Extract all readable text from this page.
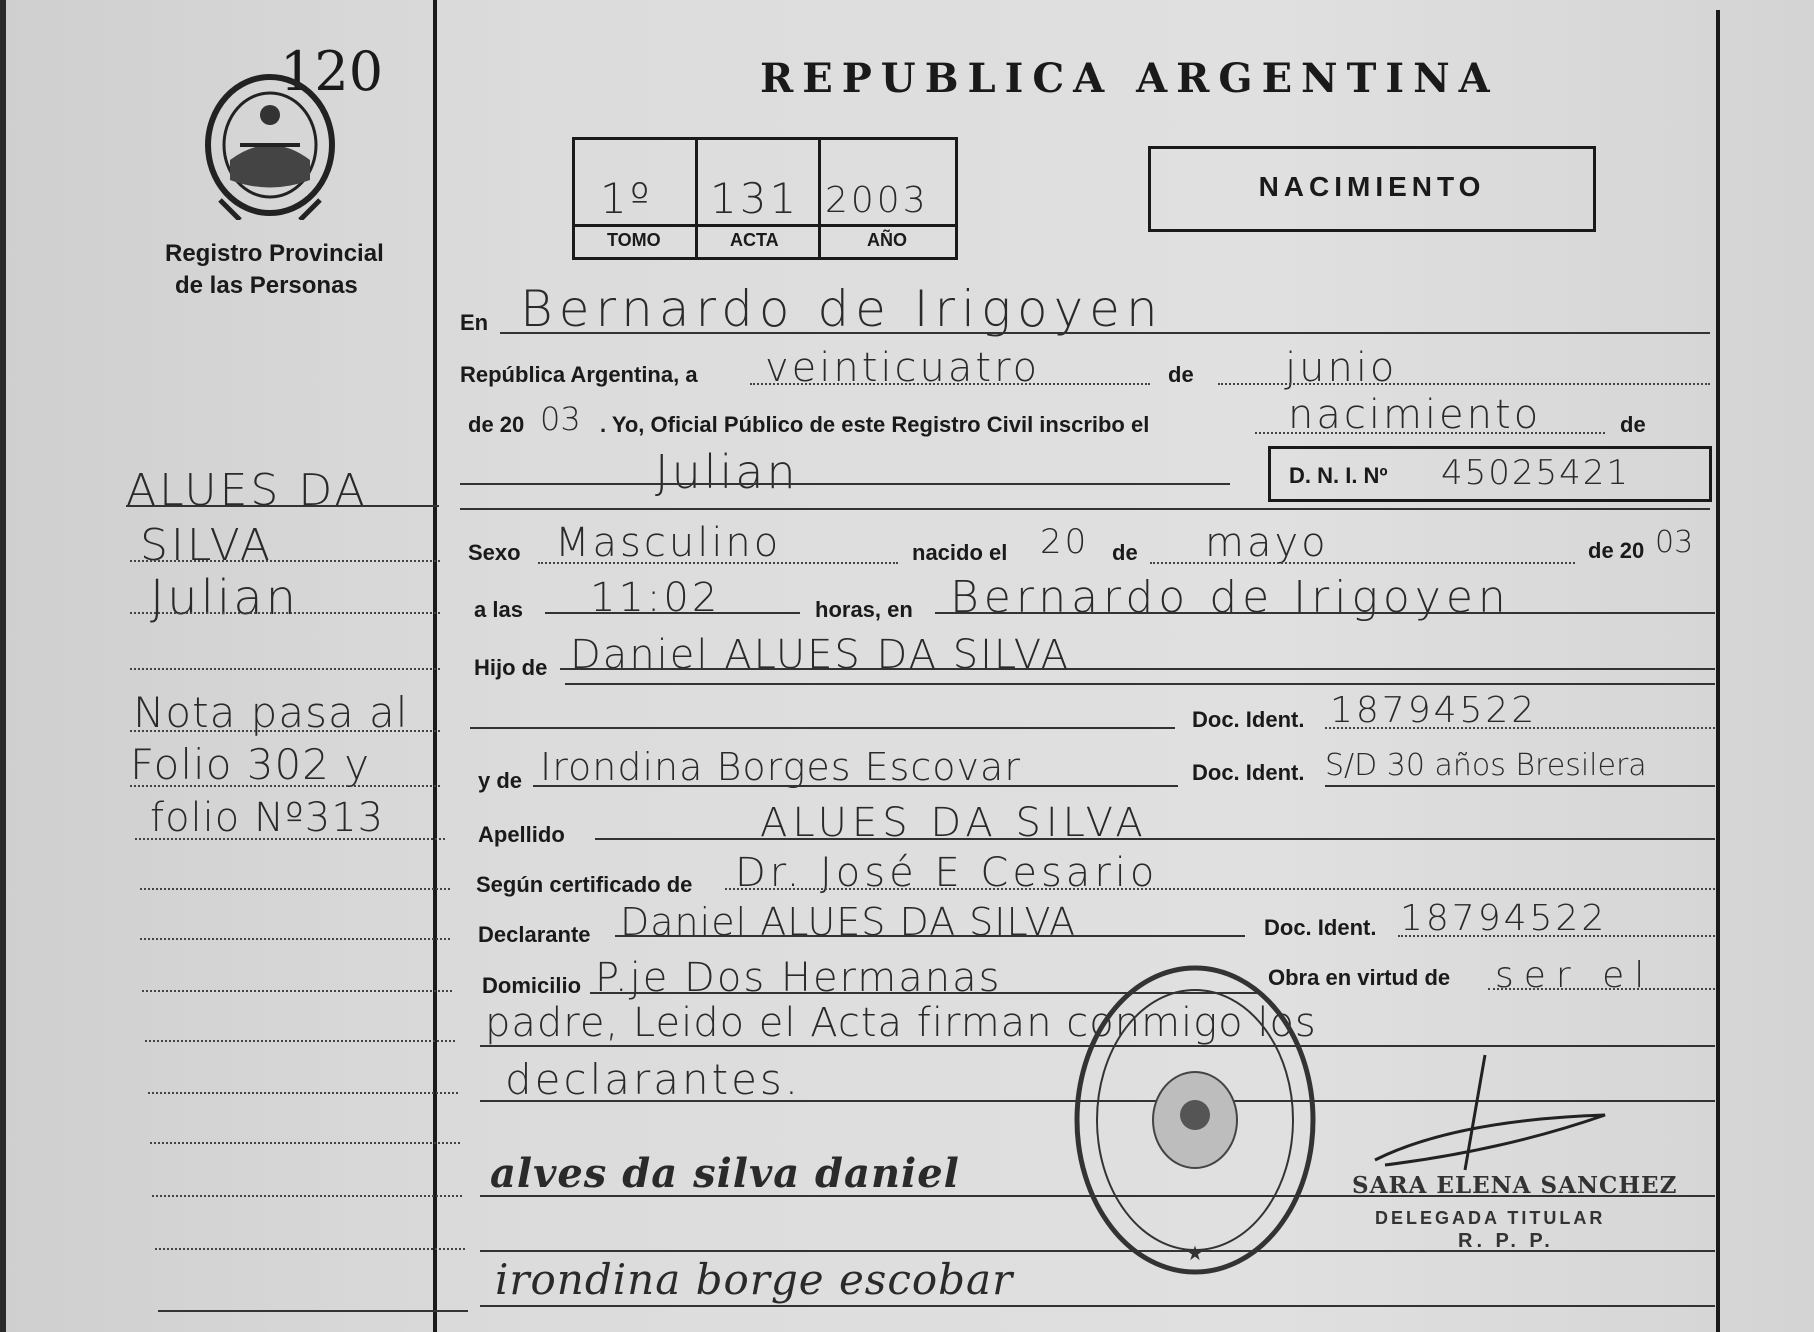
120
Registro Provincial
de las Personas
REPUBLICA ARGENTINA
NACIMIENTO
1º 131 2003
TOMO	ACTA	AÑO
ALUES DA
SILVA
Julian
Nota pasa al
Folio 302 y
folio Nº313
En Bernardo de Irigoyen
República Argentina, a veinticuatro	de junio
de 20 03 . Yo, Oficial Público de este Registro Civil inscribo el	nacimiento	de
Julian	D. N. I. Nº 45025421
Sexo Masculino	nacido el 20 de mayo	de 20 03
a las 11:02	horas, en Bernardo de Irigoyen
Hijo de Daniel ALUES DA SILVA
Doc. Ident. 18794522
y de Irondina Borges Escovar	Doc. Ident. S/D 30 años Bresilera
Apellido	ALUES DA SILVA
Según certificado de Dr. José E Cesario
Declarante Daniel ALUES DA SILVA	Doc. Ident. 18794522
Domicilio P.je Dos Hermanas	Obra en virtud de ser el
padre, Leido el Acta firman conmigo los
declarantes.
alves da silva daniel
irondina borge escobar
★
SARA ELENA SANCHEZ
DELEGADA TITULAR
R. P. P.
